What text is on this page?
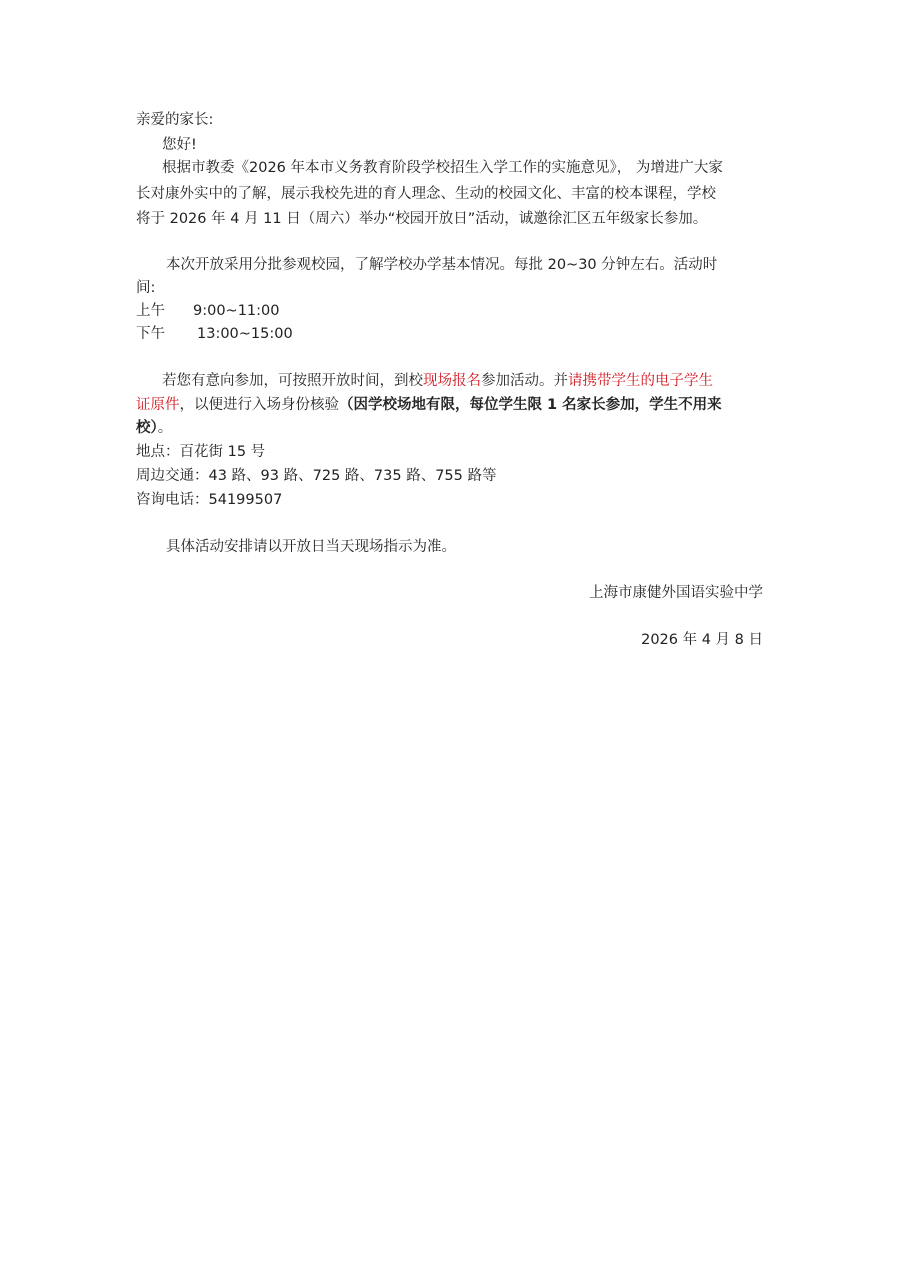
亲爱的家长:
您好!
根据市教委《2026 年本市义务教育阶段学校招生入学工作的实施意见》， 为增进广大家
长对康外实中的了解，展示我校先进的育人理念、生动的校园文化、丰富的校本课程，学校
将于 2026 年 4 月 11 日（周六）举办“校园开放日”活动，诚邀徐汇区五年级家长参加。
本次开放采用分批参观校园，了解学校办学基本情况。每批 20~30 分钟左右。活动时
间:
上午 9:00~11:00
下午 13:00~15:00
若您有意向参加，可按照开放时间，到校现场报名参加活动。并请携带学生的电子学生
证原件，以便进行入场身份核验（因学校场地有限，每位学生限 1 名家长参加，学生不用来
校）。
地点：百花街 15 号
周边交通：43 路、93 路、725 路、735 路、755 路等
咨询电话：54199507
具体活动安排请以开放日当天现场指示为准。
上海市康健外国语实验中学
2026 年 4 月 8 日
